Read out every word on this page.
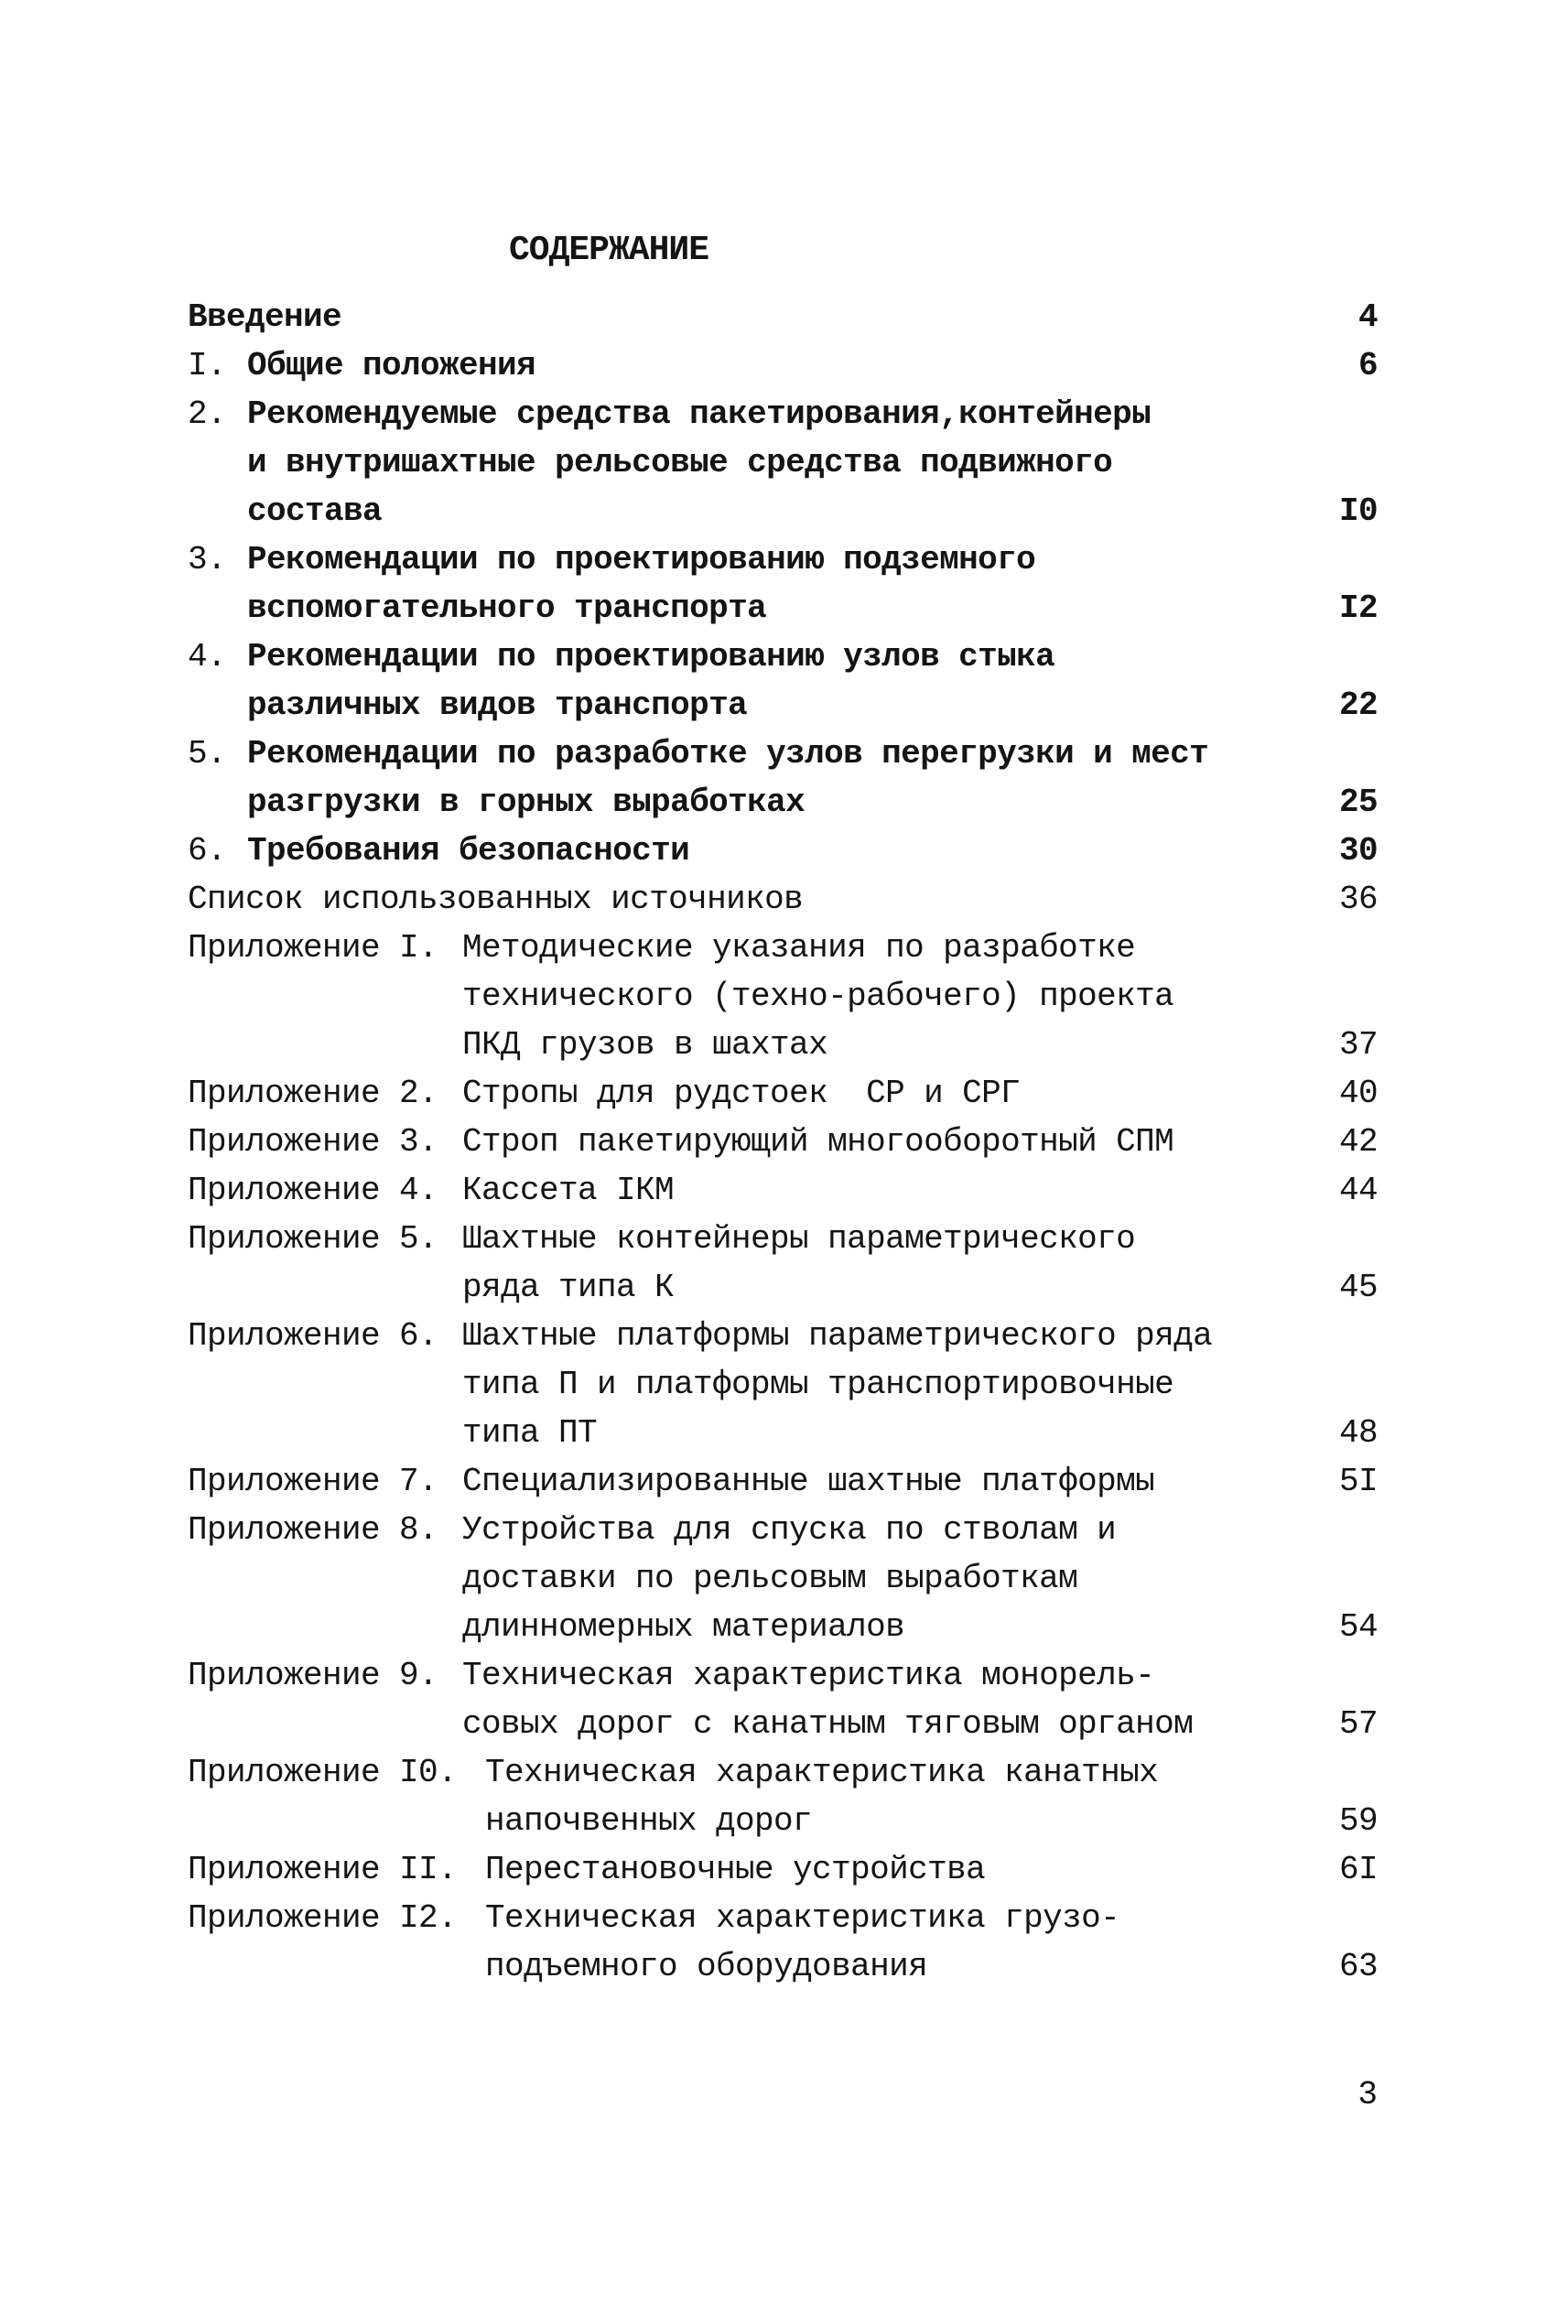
СОДЕРЖАНИЕ
Введение	4
I. Общие положения	6
2. Рекомендуемые средства пакетирования,контейнеры
и внутришахтные рельсовые средства подвижного
состава	I0
3. Рекомендации по проектированию подземного
вспомогательного транспорта	I2
4. Рекомендации по проектированию узлов стыка
различных видов транспорта	22
5. Рекомендации по разработке узлов перегрузки и мест
разгрузки в горных выработках	25
6. Требования безопасности	30
Список использованных источников	36
Приложение I. Методические указания по разработке
технического (техно-рабочего) проекта
ПКД грузов в шахтах	37
Приложение 2. Стропы для рудстоек  СР и СРГ	40
Приложение 3. Строп пакетирующий многооборотный СПМ	42
Приложение 4. Кассета IКМ	44
Приложение 5. Шахтные контейнеры параметрического
ряда типа К	45
Приложение 6. Шахтные платформы параметрического ряда
типа П и платформы транспортировочные
типа ПТ	48
Приложение 7. Специализированные шахтные платформы	5I
Приложение 8. Устройства для спуска по стволам и
доставки по рельсовым выработкам
длинномерных материалов	54
Приложение 9. Техническая характеристика монорель-
совых дорог с канатным тяговым органом	57
Приложение I0. Техническая характеристика канатных
напочвенных дорог	59
Приложение II. Перестановочные устройства	6I
Приложение I2. Техническая характеристика грузо-
подъемного оборудования	63
3
